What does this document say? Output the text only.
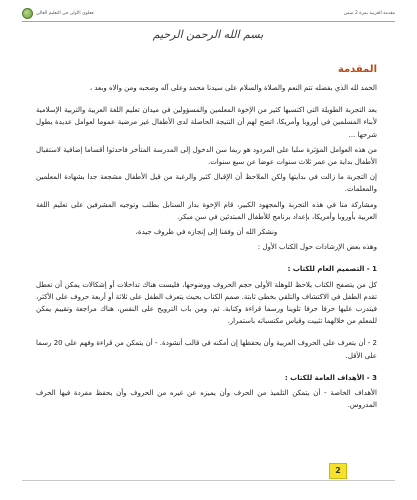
مقدمة العربية بمرة 2 ضمن
فعلوي الأولى في التعليم العالي
بسم الله الرحمن الرحيم
المقدمة

الحمد لله الذي بفضله تتم النعم والصلاة والسلام على سيدنا محمد وعلى آله وصحبه ومن والاه وبعد ،

بعد التجربة الطويلة التي اكتسبها كثير من الإخوة المعلمين والمسؤولين في ميدان تعليم اللغة العربية والتربية الإسلامية لأبناء المسلمين في أوروبا وأمريكا، اتضح لهم أن النتيجة الحاصلة لدى الأطفال غير مرضية عموما لعوامل عديدة يطول شرحها ...

من هذه العوامل المؤثرة سلبا على المردود هو ربما سن الدخول إلى المدرسة المتأخر فاحدثوا أقساما إضافية لاستقبال الأطفال بداية من عمر ثلاث سنوات عوضا عن سبع سنوات.

إن التجربة ما زالت في بدايتها ولكن الملاحظ أن الإقبال كثير والرغبة من قبل الأطفال مشجعة جدا بشهادة المعلمين والمعلمات.

ومشاركة منا في هذه التجربة والمجهود الكبير، قام الإخوة بدار السنابل بطلب وتوجيه المشرفين على تعليم اللغة العربية بأوروبا وأمريكا، بإعداد برنامج للأطفال المبتدئين في سن مبكر.

ونشكر الله أن وفقنا إلى إنجازه في ظروف جيدة،

وهذه بعض الإرشادات حول الكتاب الأول :

1 - التصميم العام للكتاب :

كل من يتصفح الكتاب يلاحظ للوهلة الأولى حجم الحروف ووضوحها، فليست هناك تداخلات أو إشكالات يمكن أن تعطل تقدم الطفل في الاكتشاف والتلقي بخطى ثابتة. صمم الكتاب بحيث يتعرف الطفل على ثلاثة أو أربعة حروف على الأكثر، فيتدرب عليها حرفا حرفا تلوينا ورسما قراءة وكتابة. ثم، ومن باب الترويح على النفس، هناك مراجعة وتقييم يمكن للمعلم من خلالهما تثبيت وقياس مكتسباته باستمرار.

2 - أن يتعرف على الحروف العربية وأن يحفظها إن أمكنه في قالب أنشودة. - أن يتمكن من قراءة وفهم على 20 رسما على الأقل.

3 - الأهداف العامة للكتاب :

الأهداف الخاصة - أن يتمكن التلميذ من الحرف وأن يميزه عن غيره من الحروف وأن يحفظ مفردة فيها الحرف المدروس.

2
